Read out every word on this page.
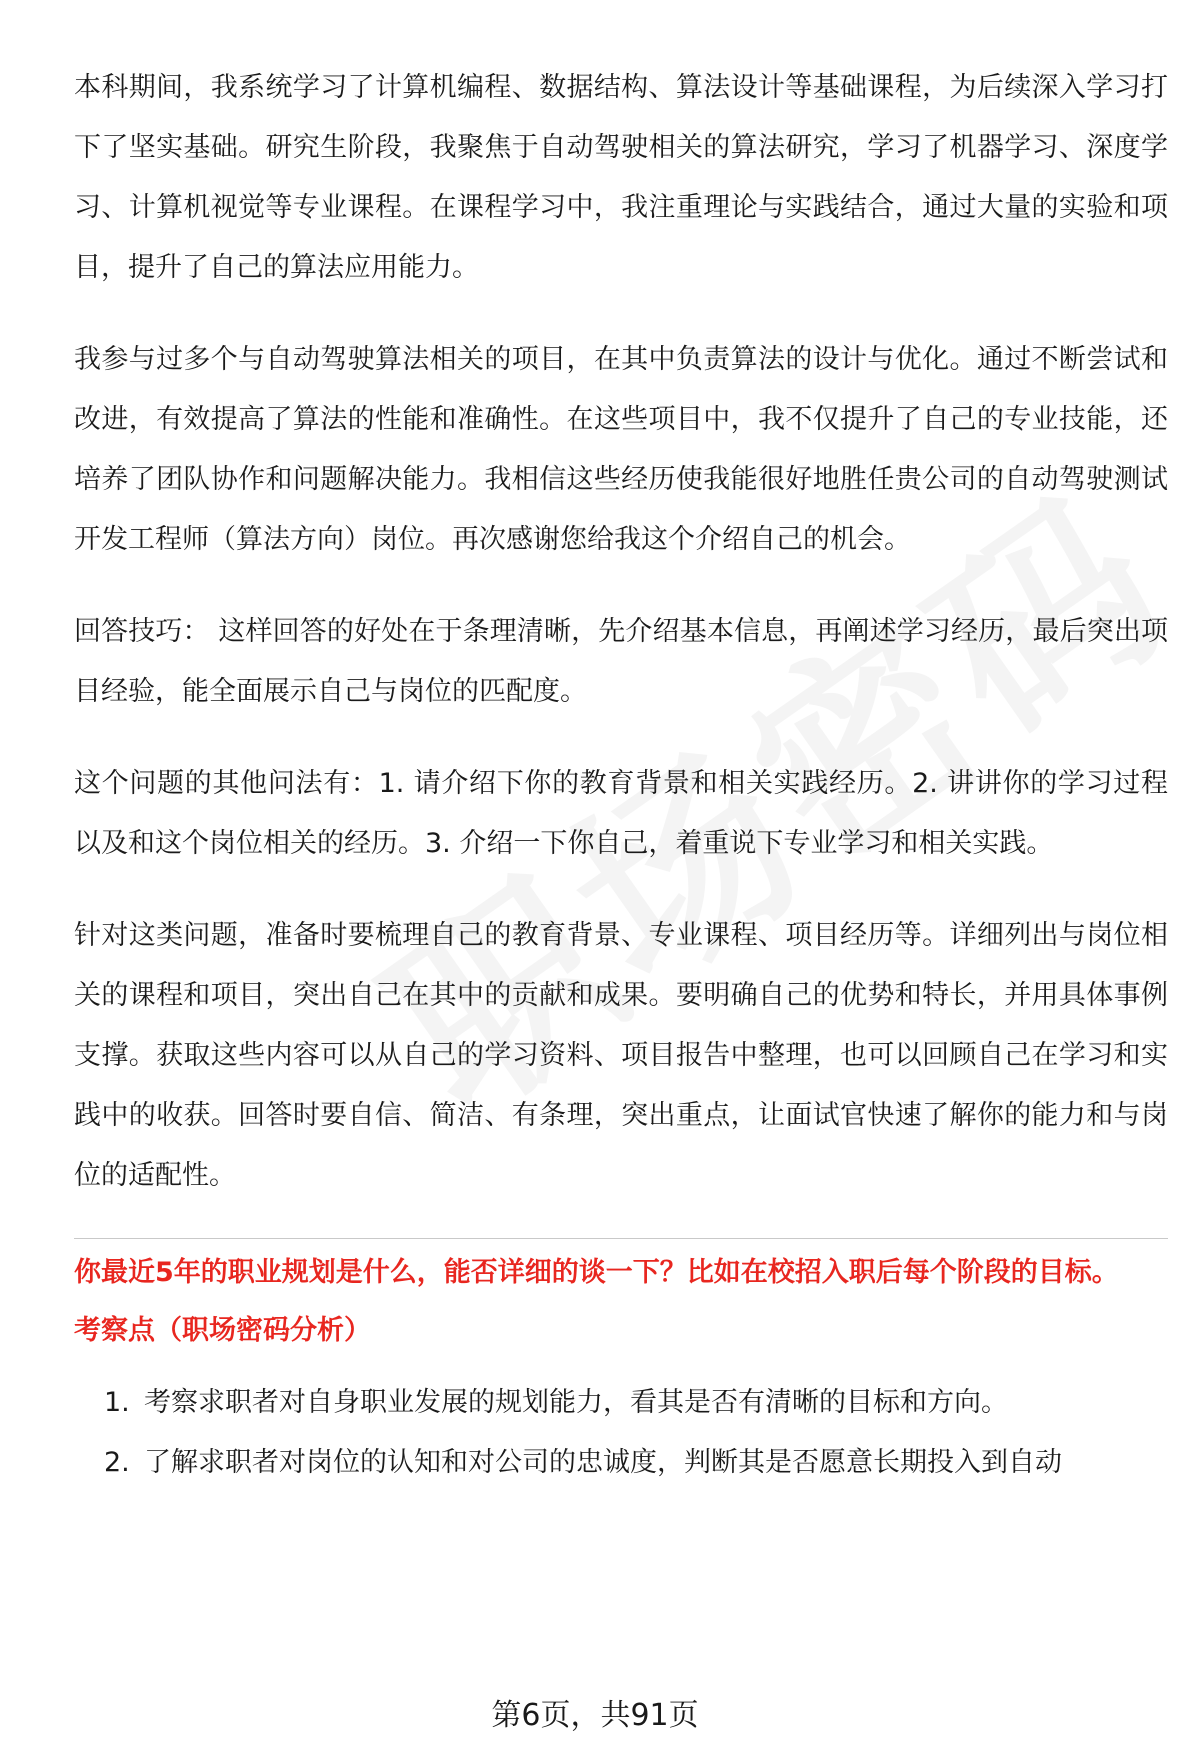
本科期间，我系统学习了计算机编程、数据结构、算法设计等基础课程，为后续深入学习打下了坚实基础。研究生阶段，我聚焦于自动驾驶相关的算法研究，学习了机器学习、深度学习、计算机视觉等专业课程。在课程学习中，我注重理论与实践结合，通过大量的实验和项目，提升了自己的算法应用能力。

我参与过多个与自动驾驶算法相关的项目，在其中负责算法的设计与优化。通过不断尝试和改进，有效提高了算法的性能和准确性。在这些项目中，我不仅提升了自己的专业技能，还培养了团队协作和问题解决能力。我相信这些经历使我能很好地胜任贵公司的自动驾驶测试开发工程师（算法方向）岗位。再次感谢您给我这个介绍自己的机会。

回答技巧： 这样回答的好处在于条理清晰，先介绍基本信息，再阐述学习经历，最后突出项目经验，能全面展示自己与岗位的匹配度。

这个问题的其他问法有：1. 请介绍下你的教育背景和相关实践经历。2. 讲讲你的学习过程以及和这个岗位相关的经历。3. 介绍一下你自己，着重说下专业学习和相关实践。

针对这类问题，准备时要梳理自己的教育背景、专业课程、项目经历等。详细列出与岗位相关的课程和项目，突出自己在其中的贡献和成果。要明确自己的优势和特长，并用具体事例支撑。获取这些内容可以从自己的学习资料、项目报告中整理，也可以回顾自己在学习和实践中的收获。回答时要自信、简洁、有条理，突出重点，让面试官快速了解你的能力和与岗位的适配性。

你最近5年的职业规划是什么，能否详细的谈一下？比如在校招入职后每个阶段的目标。
考察点（职场密码分析）
1. 考察求职者对自身职业发展的规划能力，看其是否有清晰的目标和方向。
2. 了解求职者对岗位的认知和对公司的忠诚度，判断其是否愿意长期投入到自动
第6页，共91页
